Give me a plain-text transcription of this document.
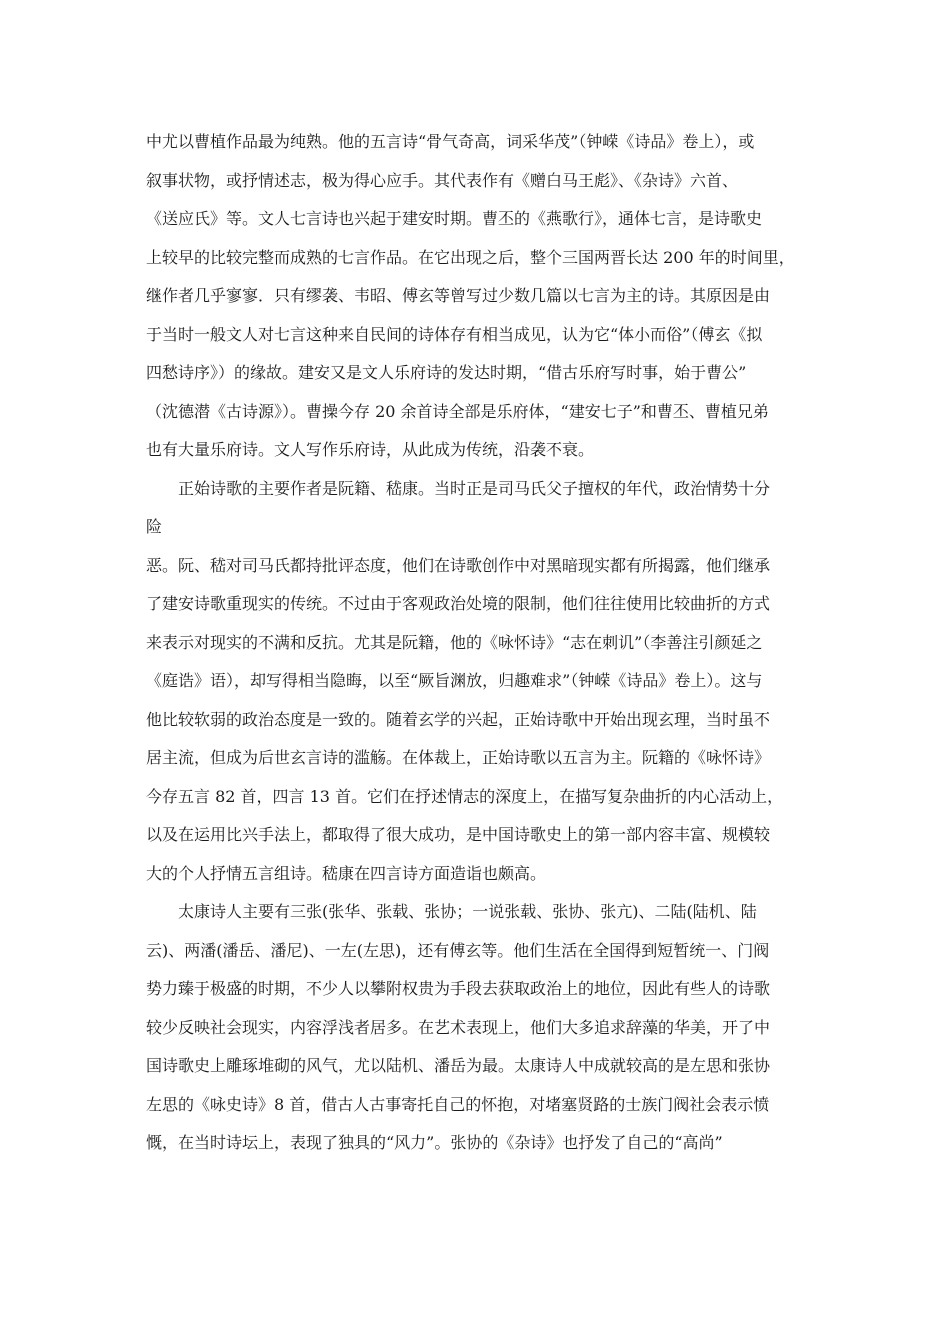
中尤以曹植作品最为纯熟。他的五言诗“骨气奇高，词采华茂”（钟嵘《诗品》卷上），或
叙事状物，或抒情述志，极为得心应手。其代表作有《赠白马王彪》、《杂诗》六首、
《送应氏》等。文人七言诗也兴起于建安时期。曹丕的《燕歌行》，通体七言，是诗歌史
上较早的比较完整而成熟的七言作品。在它出现之后，整个三国两晋长达 200 年的时间里，
继作者几乎寥寥．只有缪袭、韦昭、傅玄等曾写过少数几篇以七言为主的诗。其原因是由
于当时一般文人对七言这种来自民间的诗体存有相当成见，认为它“体小而俗”（傅玄《拟
四愁诗序》）的缘故。建安又是文人乐府诗的发达时期，“借古乐府写时事，始于曹公”
（沈德潜《古诗源》）。曹操今存 20 余首诗全部是乐府体，“建安七子”和曹丕、曹植兄弟
也有大量乐府诗。文人写作乐府诗，从此成为传统，沿袭不衰。
正始诗歌的主要作者是阮籍、嵇康。当时正是司马氏父子擅权的年代，政治情势十分
险
恶。阮、嵇对司马氏都持批评态度，他们在诗歌创作中对黑暗现实都有所揭露，他们继承
了建安诗歌重现实的传统。不过由于客观政治处境的限制，他们往往使用比较曲折的方式
来表示对现实的不满和反抗。尤其是阮籍，他的《咏怀诗》“志在刺讥”（李善注引颜延之
《庭诰》语），却写得相当隐晦，以至“厥旨渊放，归趣难求”（钟嵘《诗品》卷上）。这与
他比较软弱的政治态度是一致的。随着玄学的兴起，正始诗歌中开始出现玄理，当时虽不
居主流，但成为后世玄言诗的滥觞。在体裁上，正始诗歌以五言为主。阮籍的《咏怀诗》
今存五言 82 首，四言 13 首。它们在抒述情志的深度上，在描写复杂曲折的内心活动上，
以及在运用比兴手法上，都取得了很大成功，是中国诗歌史上的第一部内容丰富、规模较
大的个人抒情五言组诗。嵇康在四言诗方面造诣也颇高。
太康诗人主要有三张(张华、张载、张协；一说张载、张协、张亢)、二陆(陆机、陆
云)、两潘(潘岳、潘尼)、一左(左思)，还有傅玄等。他们生活在全国得到短暂统一、门阀
势力臻于极盛的时期，不少人以攀附权贵为手段去获取政治上的地位，因此有些人的诗歌
较少反映社会现实，内容浮浅者居多。在艺术表现上，他们大多追求辞藻的华美，开了中
国诗歌史上雕琢堆砌的风气，尤以陆机、潘岳为最。太康诗人中成就较高的是左思和张协
左思的《咏史诗》8 首，借古人古事寄托自己的怀抱，对堵塞贤路的士族门阀社会表示愤
慨，在当时诗坛上，表现了独具的“风力”。张协的《杂诗》也抒发了自己的“高尚”
